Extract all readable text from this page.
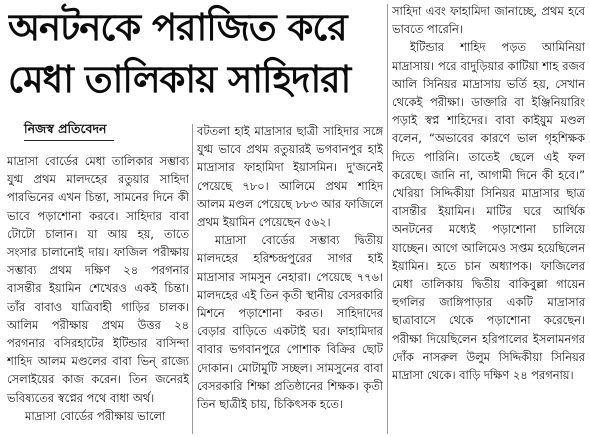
অনটনকে পরাজিত করে
মেধা তালিকায় সাহিদারা
নিজস্ব প্রতিবেদন

মাদ্রাসা বোর্ডের মেধা তালিকার সম্ভাব্য যুগ্ম প্রথম মালদহের রতুয়ার সাহিদা পারভিনের এখন চিন্তা, সামনের দিনে কী ভাবে পড়াশোনা করবে। সাহিদার বাবা টোটো চালান। যা আয় হয়, তাতে সংসার চালানোই দায়। ফাজিল পরীক্ষায় সম্ভাব্য প্রথম দক্ষিণ ২৪ পরগনার বাসন্তীর ইয়ামিন শেখেরও একই চিন্তা। তাঁর বাবাও যাত্রিবাহী গাড়ির চালক। আলিম পরীক্ষায় প্রথম উত্তর ২৪ পরগনার বসিরহাটের ইটিন্ডার বাসিন্দা শাহিদ আলম মণ্ডলের বাবা ভিন্ রাজ্যে সেলাইয়ের কাজ করেন। তিন জনেরই ভবিষ্যতের স্বপ্নের পথে বাধা অর্থ।

মাদ্রাসা বোর্ডের পরীক্ষায় ভালো

বটতলা হাই মাদ্রাসার ছাত্রী সাহিদার সঙ্গে যুগ্ম ভাবে প্রথম রতুয়ারই ভগবানপুর হাই মাদ্রাসার ফাহামিদা ইয়াসমিন। দু'জনেই পেয়েছে ৭৮০। আলিমে প্রথম শাহিদ আলম মণ্ডল পেয়েছে ৮৮৩ আর ফাজিলে প্রথম ইয়ামিন পেয়েছেন ৫৬২।

মাদ্রাসা বোর্ডের সম্ভাব্য দ্বিতীয় মালদহের হরিশ্চন্দ্রপুরের সাগর হাই মাদ্রাসার সামসুন নেহারা। পেয়েছে ৭৭৬। মালদহের এই তিন কৃতী স্থানীয় বেসরকারি মিশনে পড়াশোনা করত। সাহিদাদের বেড়ার বাড়িতে একটাই ঘর। ফাহামিদার বাবার ভগবানপুরে পোশাক বিক্রির ছোট দোকান। মোটামুটি সচ্ছল। সামসুনের বাবা বেসরকারি শিক্ষা প্রতিষ্ঠানের শিক্ষক। কৃতী তিন ছাত্রীই চায়, চিকিৎসক হতে।

সাহিদা এবং ফাহামিদা জানাচ্ছে, প্রথম হবে ভাবতে পারেনি।

ইটিন্ডার শাহিদ পড়ত আমিনিয়া মাদ্রাসায়। পরে বাদুড়িয়ার কাটিয়া শাহ রজব আলি সিনিয়র মাদ্রাসায় ভর্তি হয়, সেখান থেকেই পরীক্ষা। ডাক্তারি বা ইঞ্জিনিয়ারিং পড়াই স্বপ্ন শাহিদের। বাবা কাইয়ুম মণ্ডল বলেন, “অভাবের কারণে ভাল গৃহশিক্ষক দিতে পারিনি। তাতেই ছেলে এই ফল করেছে। জানি না, আগামী দিনে কী হবে।” খেরিয়া সিদ্দিকীয়া সিনিয়র মাদ্রাসার ছাত্র বাসন্তীর ইয়ামিন। মাটির ঘরে আর্থিক অনটনের মধ্যেই পড়াশোনা চালিয়ে যাচ্ছেন। আগে আলিমেও সপ্তম হয়েছিলেন ইয়ামিন। হতে চান অধ্যাপক। ফাজিলের মেধা তালিকায় দ্বিতীয় বাকিবুল্লা গায়েন হুগলির জাঙ্গিপাড়ার একটি মাদ্রাসার ছাত্রাবাসে থেকে পড়াশোনা করেছেন। পরীক্ষা দিয়েছিলেন হরিপালের ইসলামনগর দোঁক নাসরুল উলুম সিদ্দিকীয়া সিনিয়র মাদ্রাসা থেকে। বাড়ি দক্ষিণ ২৪ পরগনায়।
